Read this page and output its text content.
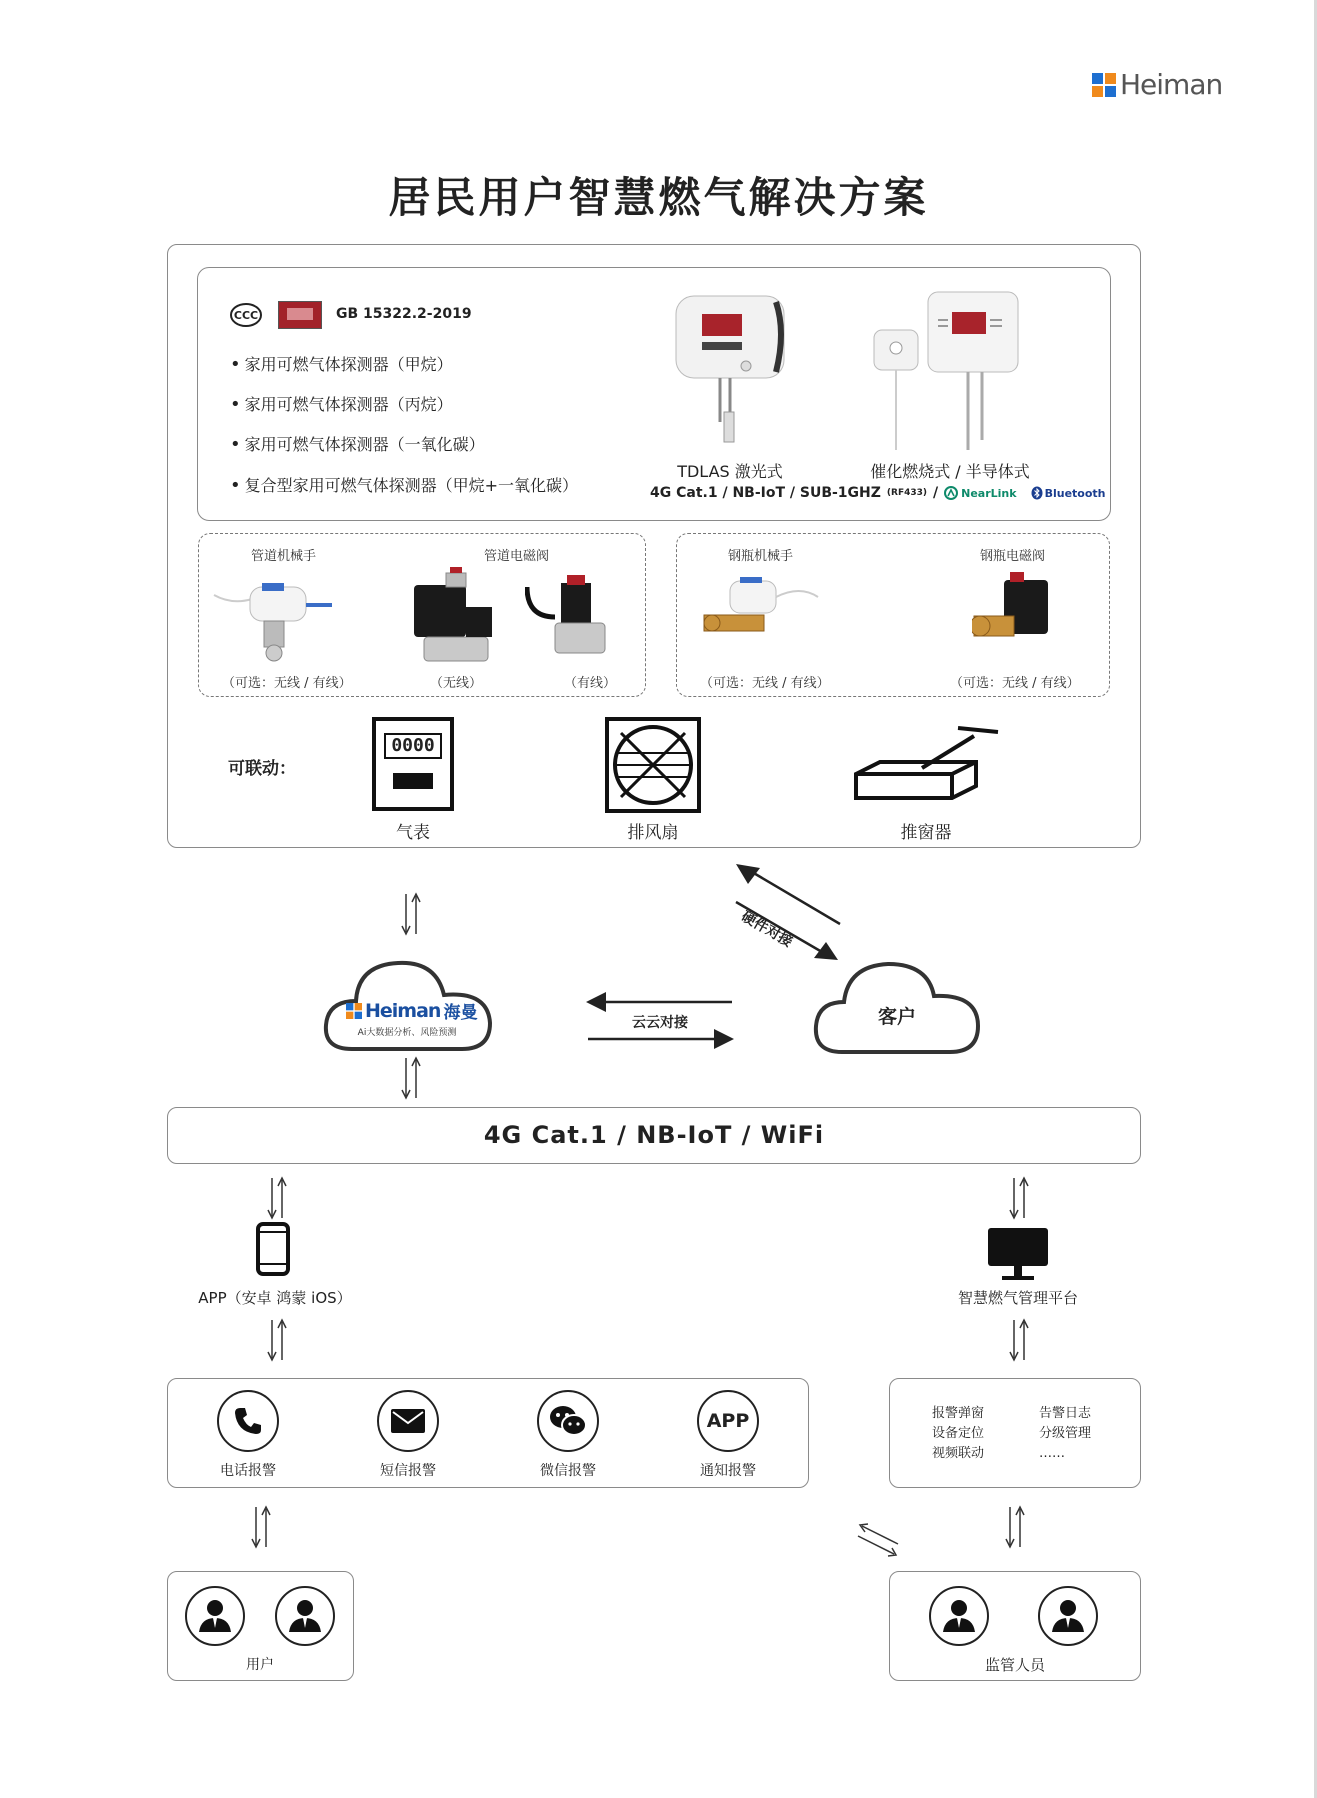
Heiman
居民用户智慧燃气解决方案
CCC	GB 15322.2-2019
• 家用可燃气体探测器（甲烷）
• 家用可燃气体探测器（丙烷）
• 家用可燃气体探测器（一氧化碳）
• 复合型家用可燃气体探测器（甲烷+一氧化碳）
TDLAS 激光式	催化燃烧式 / 半导体式
4G Cat.1 / NB-IoT / SUB-1GHZ (RF433) / NearLink	Bluetooth
管道机械手	管道电磁阀	钢瓶机械手	钢瓶电磁阀
（可选：无线 / 有线）	（无线）	（有线）	（可选：无线 / 有线）	（可选：无线 / 有线）
可联动：
0000
气表	排风扇	推窗器
硬件对接
Heiman 海曼
Ai大数据分析、风险预测
云云对接	客户
4G Cat.1 / NB-IoT / WiFi
APP（安卓 鸿蒙 iOS）	智慧燃气管理平台
电话报警	短信报警	微信报警
APP
通知报警
报警弹窗
设备定位
视频联动
告警日志
分级管理
……
用户	监管人员
